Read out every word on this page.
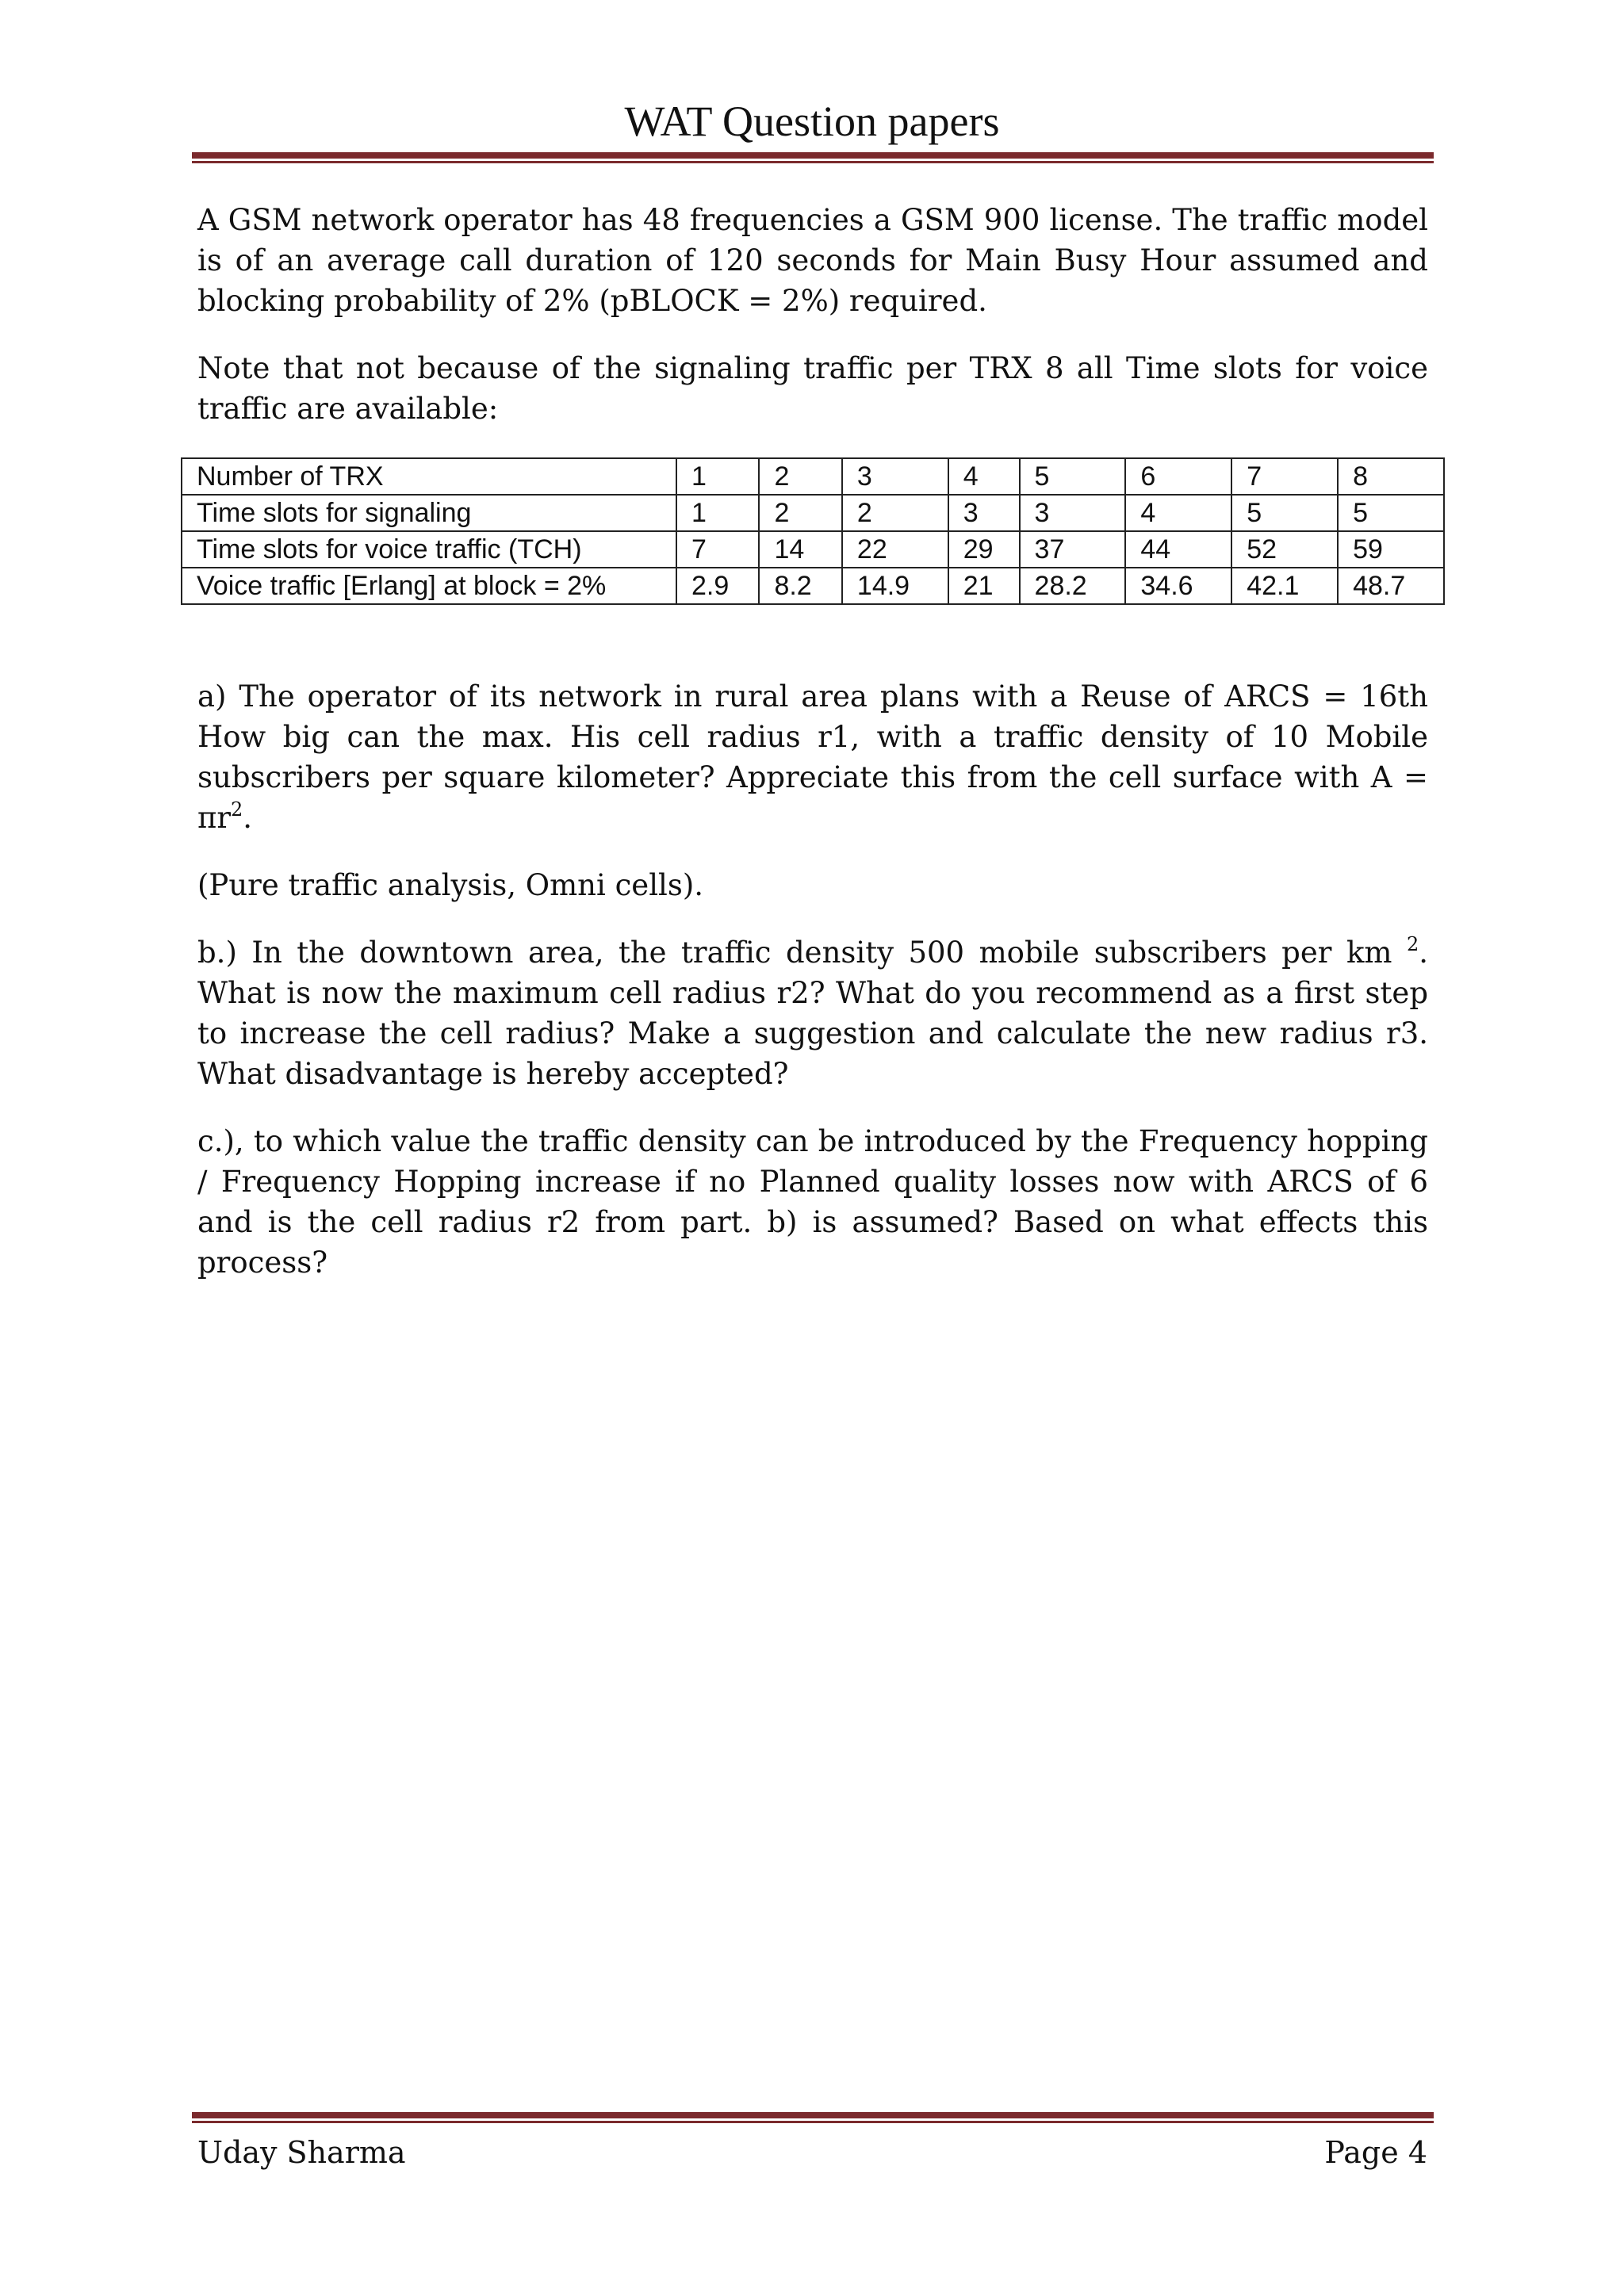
WAT Question papers

A GSM network operator has 48 frequencies a GSM 900 license. The traffic model is of an average call duration of 120 seconds for Main Busy Hour assumed and blocking probability of 2% (pBLOCK = 2%) required.

Note that not because of the signaling traffic per TRX 8 all Time slots for voice traffic are available:

Number of TRX	1	2	3	4	5	6	7	8
Time slots for signaling	1	2	2	3	3	4	5	5
Time slots for voice traffic (TCH)	7	14	22	29	37	44	52	59
Voice traffic [Erlang] at block = 2%	2.9	8.2	14.9	21	28.2	34.6	42.1	48.7

a) The operator of its network in rural area plans with a Reuse of ARCS = 16th How big can the max. His cell radius r1, with a traffic density of 10 Mobile subscribers per square kilometer? Appreciate this from the cell surface with $A = \pi r^2$.

(Pure traffic analysis, Omni cells).

b.) In the downtown area, the traffic density 500 mobile subscribers per km $^2$. What is now the maximum cell radius r2? What do you recommend as a first step to increase the cell radius? Make a suggestion and calculate the new radius r3. What disadvantage is hereby accepted?

c.), to which value the traffic density can be introduced by the Frequency hopping / Frequency Hopping increase if no Planned quality losses now with ARCS of 6 and is the cell radius r2 from part. b) is assumed? Based on what effects this process?

Uday Sharma	Page 4
